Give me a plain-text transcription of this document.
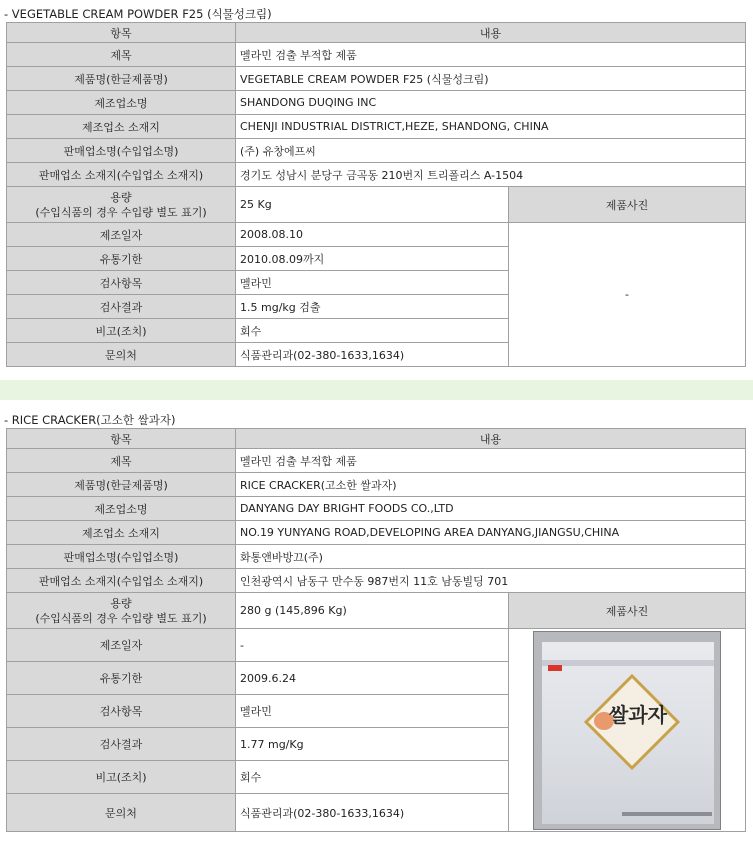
- VEGETABLE CREAM POWDER F25 (식물성크림)
항목	내용	
제목	멜라민 검출 부적합 제품	
제품명(한글제품명)	VEGETABLE CREAM POWDER F25 (식물성크림)	
제조업소명	SHANDONG DUQING INC	
제조업소 소재지	CHENJI INDUSTRIAL DISTRICT,HEZE, SHANDONG, CHINA	
판매업소명(수입업소명)	(주) 유창에프씨	
판매업소 소재지(수입업소 소재지)	경기도 성남시 분당구 금곡동 210번지 트리폴리스 A-1504	

용량
(수입식품의 경우 수입량 별도 표기)	25 Kg	제품사진
제조일자	2008.08.10	-
유통기한	2010.08.09까지	
검사항목	멜라민	
검사결과	1.5 mg/kg 검출	
비고(조치)	회수	
문의처	식품관리과(02-380-1633,1634)	
- RICE CRACKER(고소한 쌀과자)
항목	내용	
제목	멜라민 검출 부적합 제품	
제품명(한글제품명)	RICE CRACKER(고소한 쌀과자)	
제조업소명	DANYANG DAY BRIGHT FOODS CO.,LTD	
제조업소 소재지	NO.19 YUNYANG ROAD,DEVELOPING AREA DANYANG,JIANGSU,CHINA	
판매업소명(수입업소명)	화통앤바방끄(주)	
판매업소 소재지(수입업소 소재지)	인천광역시 남동구 만수동 987번지 11호 남동빌딩 701	

용량
(수입식품의 경우 수입량 별도 표기)	280 g (145,896 Kg)	제품사진
제조일자	-	쌀과자

유통기한	2009.6.24	
검사항목	멜라민	
검사결과	1.77 mg/Kg	
비고(조치)	회수	
문의처	식품관리과(02-380-1633,1634)	
